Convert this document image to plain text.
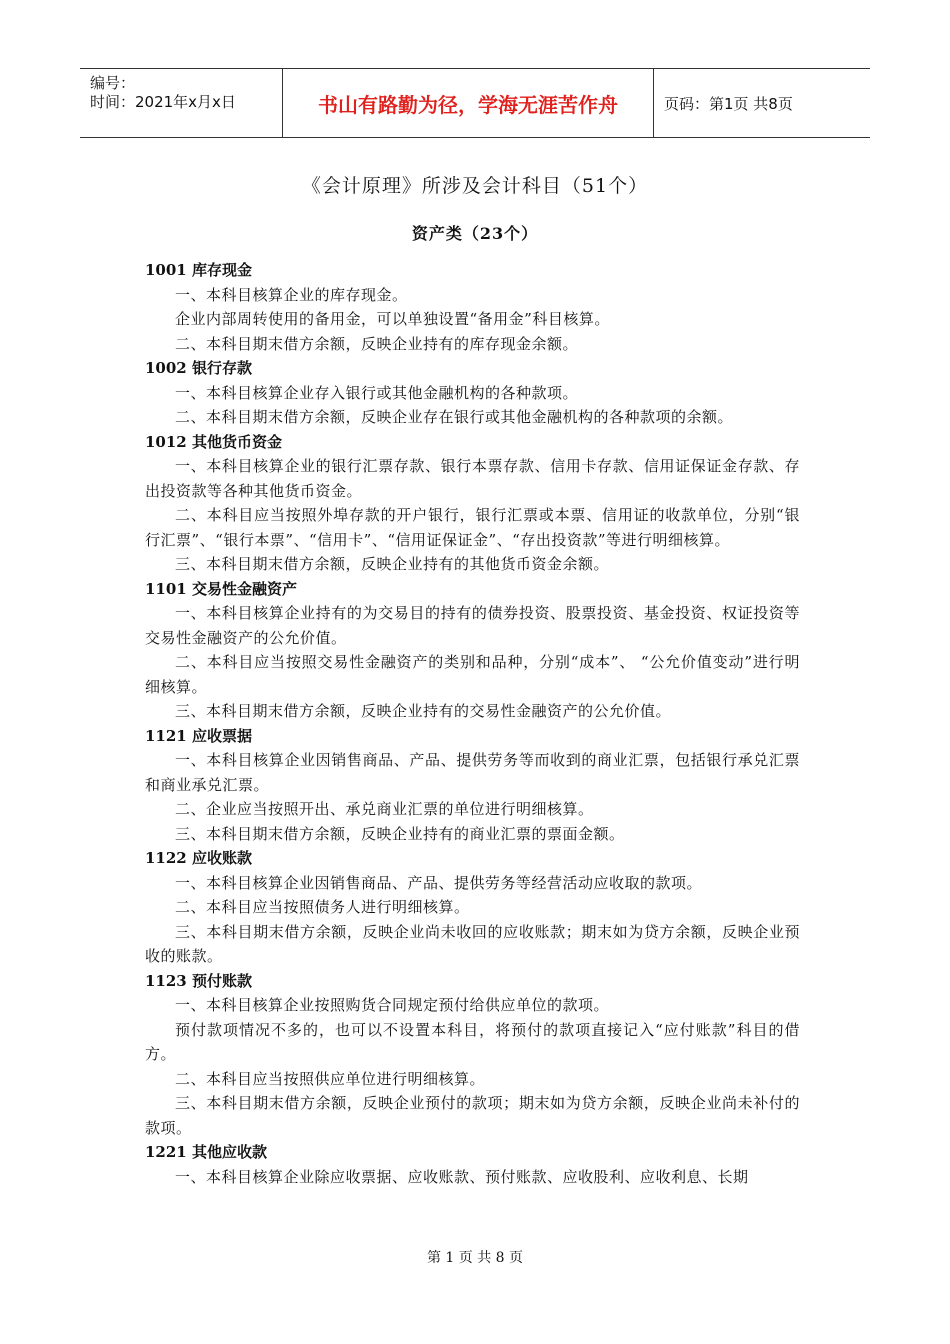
编号：
时间：2021年x月x日	书山有路勤为径，学海无涯苦作舟	页码：第1页 共8页
《会计原理》所涉及会计科目（51个）
资产类（23个）
1001 库存现金
一、本科目核算企业的库存现金。
企业内部周转使用的备用金，可以单独设置“备用金”科目核算。
二、本科目期末借方余额，反映企业持有的库存现金余额。
1002 银行存款
一、本科目核算企业存入银行或其他金融机构的各种款项。
二、本科目期末借方余额，反映企业存在银行或其他金融机构的各种款项的余额。
1012 其他货币资金
一、本科目核算企业的银行汇票存款、银行本票存款、信用卡存款、信用证保证金存款、存出投资款等各种其他货币资金。
二、本科目应当按照外埠存款的开户银行，银行汇票或本票、信用证的收款单位，分别“银行汇票”、“银行本票”、“信用卡”、“信用证保证金”、“存出投资款”等进行明细核算。
三、本科目期末借方余额，反映企业持有的其他货币资金余额。
1101 交易性金融资产
一、本科目核算企业持有的为交易目的持有的债券投资、股票投资、基金投资、权证投资等交易性金融资产的公允价值。
二、本科目应当按照交易性金融资产的类别和品种，分别“成本”、 “公允价值变动”进行明细核算。
三、本科目期末借方余额，反映企业持有的交易性金融资产的公允价值。
1121 应收票据
一、本科目核算企业因销售商品、产品、提供劳务等而收到的商业汇票，包括银行承兑汇票和商业承兑汇票。
二、企业应当按照开出、承兑商业汇票的单位进行明细核算。
三、本科目期末借方余额，反映企业持有的商业汇票的票面金额。
1122 应收账款
一、本科目核算企业因销售商品、产品、提供劳务等经营活动应收取的款项。
二、本科目应当按照债务人进行明细核算。
三、本科目期末借方余额，反映企业尚未收回的应收账款；期末如为贷方余额，反映企业预收的账款。
1123 预付账款
一、本科目核算企业按照购货合同规定预付给供应单位的款项。
预付款项情况不多的，也可以不设置本科目，将预付的款项直接记入“应付账款”科目的借方。
二、本科目应当按照供应单位进行明细核算。
三、本科目期末借方余额，反映企业预付的款项；期末如为贷方余额，反映企业尚未补付的款项。
1221 其他应收款
一、本科目核算企业除应收票据、应收账款、预付账款、应收股利、应收利息、长期
第 1 页 共 8 页
